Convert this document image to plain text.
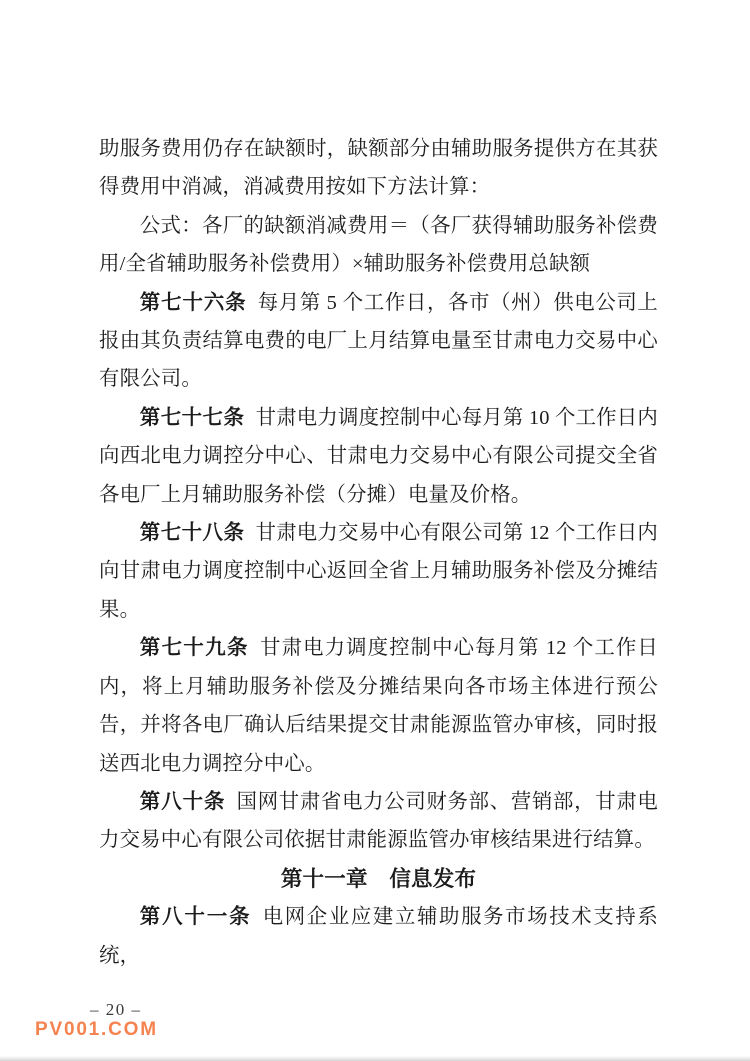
助服务费用仍存在缺额时，缺额部分由辅助服务提供方在其获得费用中消减，消减费用按如下方法计算：

公式：各厂的缺额消减费用＝（各厂获得辅助服务补偿费用/全省辅助服务补偿费用）×辅助服务补偿费用总缺额

第七十六条 每月第 5 个工作日，各市（州）供电公司上报由其负责结算电费的电厂上月结算电量至甘肃电力交易中心有限公司。

第七十七条 甘肃电力调度控制中心每月第 10 个工作日内向西北电力调控分中心、甘肃电力交易中心有限公司提交全省各电厂上月辅助服务补偿（分摊）电量及价格。

第七十八条 甘肃电力交易中心有限公司第 12 个工作日内向甘肃电力调度控制中心返回全省上月辅助服务补偿及分摊结果。

第七十九条 甘肃电力调度控制中心每月第 12 个工作日内，将上月辅助服务补偿及分摊结果向各市场主体进行预公告，并将各电厂确认后结果提交甘肃能源监管办审核，同时报送西北电力调控分中心。

第八十条 国网甘肃省电力公司财务部、营销部，甘肃电力交易中心有限公司依据甘肃能源监管办审核结果进行结算。

第十一章　信息发布

第八十一条 电网企业应建立辅助服务市场技术支持系统，

– 20 –
PV001.COM
